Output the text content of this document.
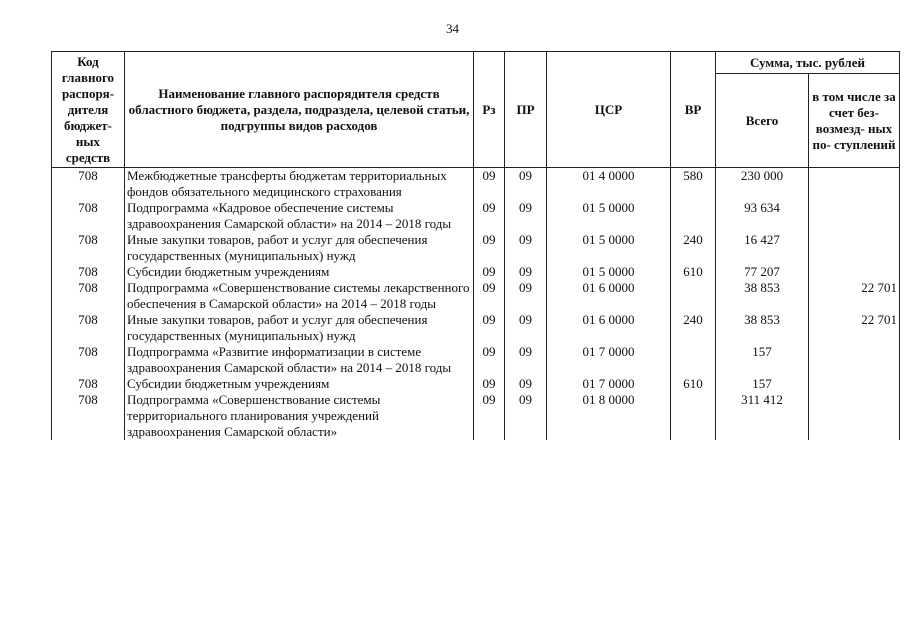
34
Код главного распоря- дителя бюджет- ных средств	Наименование главного распорядителя средств областного бюджета, раздела, подраздела, целевой статьи, подгруппы видов расходов	Рз	ПР	ЦСР	ВР	Сумма, тыс. рублей	
						Всего	в том числе за счет без- возмезд- ных по- ступлений
708	Межбюджетные трансферты бюджетам территориальных фондов обязательного медицинского страхования	09	09	01 4 0000	580	230 000	
708	Подпрограмма «Кадровое обеспечение системы здравоохранения Самарской области» на 2014 – 2018 годы	09	09	01 5 0000		93 634	
708	Иные закупки товаров, работ и услуг для обеспечения государственных (муниципальных) нужд	09	09	01 5 0000	240	16 427	
708	Субсидии бюджетным учреждениям	09	09	01 5 0000	610	77 207	
708	Подпрограмма «Совершенствование системы лекарственного обеспечения в Самарской области» на 2014 – 2018 годы	09	09	01 6 0000		38 853	22 701
708	Иные закупки товаров, работ и услуг для обеспечения государственных (муниципальных) нужд	09	09	01 6 0000	240	38 853	22 701
708	Подпрограмма «Развитие информатизации в системе здравоохранения Самарской области» на 2014 – 2018 годы	09	09	01 7 0000		157	
708	Субсидии бюджетным учреждениям	09	09	01 7 0000	610	157	
708	Подпрограмма «Совершенствование системы территориального планирования учреждений здравоохранения Самарской области»	09	09	01 8 0000		311 412	
